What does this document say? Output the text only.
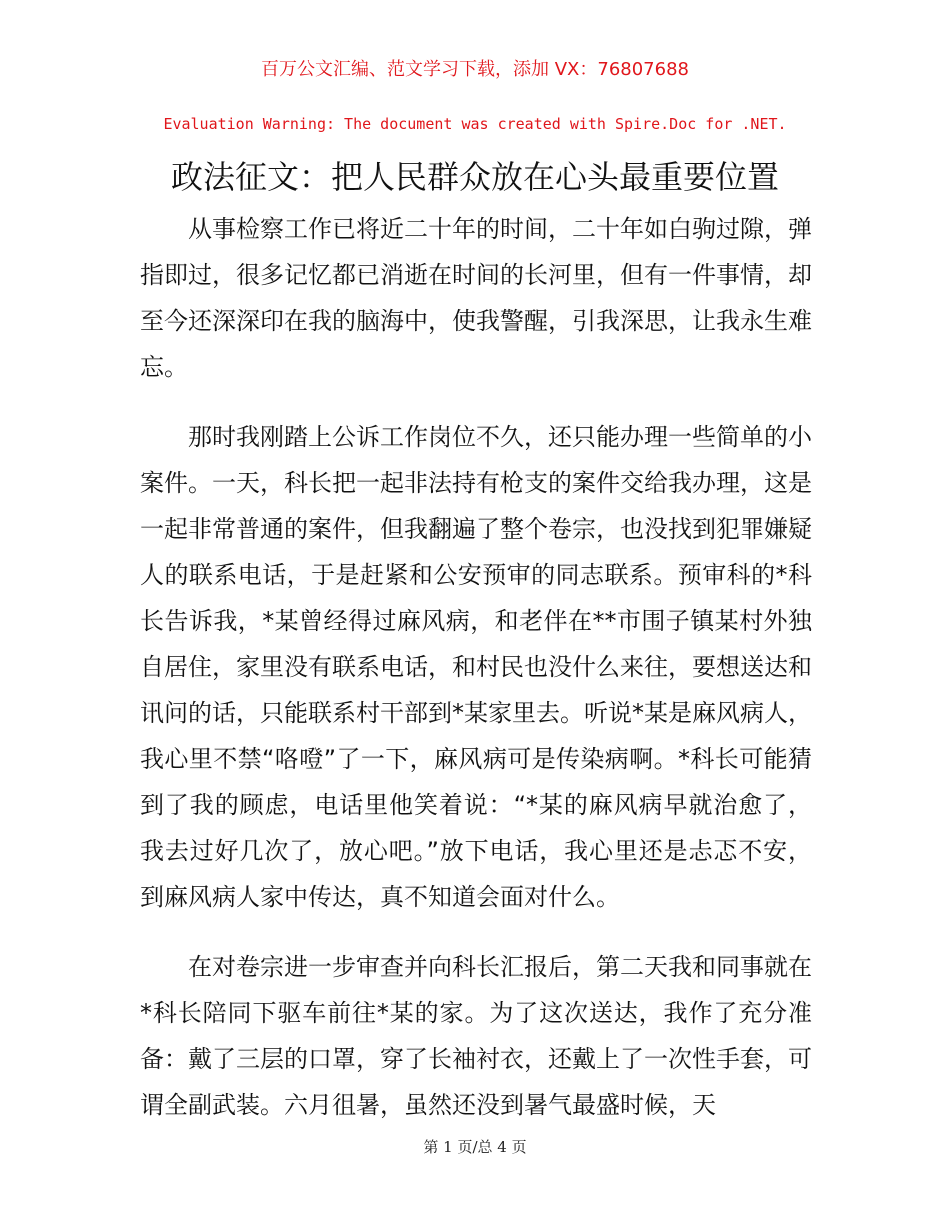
百万公文汇编、范文学习下载，添加 VX：76807688

Evaluation Warning: The document was created with Spire.Doc for .NET.

政法征文：把人民群众放在心头最重要位置

从事检察工作已将近二十年的时间，二十年如白驹过隙，弹指即过，很多记忆都已消逝在时间的长河里，但有一件事情，却至今还深深印在我的脑海中，使我警醒，引我深思，让我永生难忘。

那时我刚踏上公诉工作岗位不久，还只能办理一些简单的小案件。一天，科长把一起非法持有枪支的案件交给我办理，这是一起非常普通的案件，但我翻遍了整个卷宗，也没找到犯罪嫌疑人的联系电话，于是赶紧和公安预审的同志联系。预审科的*科长告诉我，*某曾经得过麻风病，和老伴在**市围子镇某村外独自居住，家里没有联系电话，和村民也没什么来往，要想送达和讯问的话，只能联系村干部到*某家里去。听说*某是麻风病人，我心里不禁“咯噔”了一下，麻风病可是传染病啊。*科长可能猜到了我的顾虑，电话里他笑着说：“*某的麻风病早就治愈了，我去过好几次了，放心吧。”放下电话，我心里还是忐忑不安，到麻风病人家中传达，真不知道会面对什么。

在对卷宗进一步审查并向科长汇报后，第二天我和同事就在*科长陪同下驱车前往*某的家。为了这次送达，我作了充分准备：戴了三层的口罩，穿了长袖衬衣，还戴上了一次性手套，可谓全副武装。六月徂暑，虽然还没到暑气最盛时候，天

第 1 页/总 4 页
